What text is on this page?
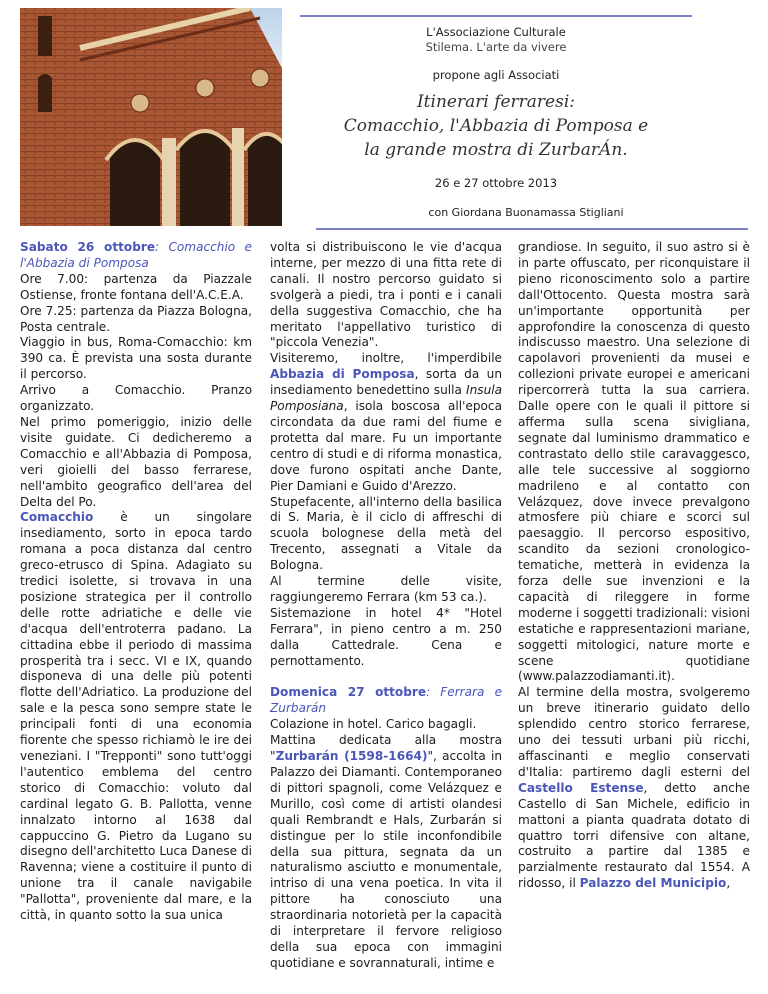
L'Associazione Culturale
Stilema. L'arte da vivere
propone agli Associati
Itinerari ferraresi:
Comacchio, l'Abbazia di Pomposa e
la grande mostra di ZurbarÁn.
26 e 27 ottobre 2013
con Giordana Buonamassa Stigliani

Sabato 26 ottobre: Comacchio e l'Abbazia di Pomposa

Ore 7.00: partenza da Piazzale Ostiense, fronte fontana dell'A.C.E.A.

Ore 7.25: partenza da Piazza Bologna, Posta centrale.

Viaggio in bus, Roma-Comacchio: km 390 ca. È prevista una sosta durante il percorso.

Arrivo a Comacchio. Pranzo organizzato.

Nel primo pomeriggio, inizio delle visite guidate. Ci dedicheremo a Comacchio e all'Abbazia di Pomposa, veri gioielli del basso ferrarese, nell'ambito geografico dell'area del Delta del Po.

Comacchio è un singolare insediamento, sorto in epoca tardo romana a poca distanza dal centro greco-etrusco di Spina. Adagiato su tredici isolette, si trovava in una posizione strategica per il controllo delle rotte adriatiche e delle vie d'acqua dell'entroterra padano. La cittadina ebbe il periodo di massima prosperità tra i secc. VI e IX, quando disponeva di una delle più potenti flotte dell'Adriatico. La produzione del sale e la pesca sono sempre state le principali fonti di una economia fiorente che spesso richiamò le ire dei veneziani. I "Trepponti" sono tutt'oggi l'autentico emblema del centro storico di Comacchio: voluto dal cardinal legato G. B. Pallotta, venne innalzato intorno al 1638 dal cappuccino G. Pietro da Lugano su disegno dell'architetto Luca Danese di Ravenna; viene a costituire il punto di unione tra il canale navigabile "Pallotta", proveniente dal mare, e la città, in quanto sotto la sua unica

volta si distribuiscono le vie d'acqua interne, per mezzo di una fitta rete di canali. Il nostro percorso guidato si svolgerà a piedi, tra i ponti e i canali della suggestiva Comacchio, che ha meritato l'appellativo turistico di "piccola Venezia".

Visiteremo, inoltre, l'imperdibile Abbazia di Pomposa, sorta da un insediamento benedettino sulla Insula Pomposiana, isola boscosa all'epoca circondata da due rami del fiume e protetta dal mare. Fu un importante centro di studi e di riforma monastica, dove furono ospitati anche Dante, Pier Damiani e Guido d'Arezzo.

Stupefacente, all'interno della basilica di S. Maria, è il ciclo di affreschi di scuola bolognese della metà del Trecento, assegnati a Vitale da Bologna.

Al termine delle visite, raggiungeremo Ferrara (km 53 ca.).

Sistemazione in hotel 4* "Hotel Ferrara", in pieno centro a m. 250 dalla Cattedrale. Cena e pernottamento.

Domenica 27 ottobre: Ferrara e Zurbarán

Colazione in hotel. Carico bagagli.

Mattina dedicata alla mostra "Zurbarán (1598-1664)", accolta in Palazzo dei Diamanti. Contemporaneo di pittori spagnoli, come Velázquez e Murillo, così come di artisti olandesi quali Rembrandt e Hals, Zurbarán si distingue per lo stile inconfondibile della sua pittura, segnata da un naturalismo asciutto e monumentale, intriso di una vena poetica. In vita il pittore ha conosciuto una straordinaria notorietà per la capacità di interpretare il fervore religioso della sua epoca con immagini quotidiane e sovrannaturali, intime e

grandiose. In seguito, il suo astro si è in parte offuscato, per riconquistare il pieno riconoscimento solo a partire dall'Ottocento. Questa mostra sarà un'importante opportunità per approfondire la conoscenza di questo indiscusso maestro. Una selezione di capolavori provenienti da musei e collezioni private europei e americani ripercorrerà tutta la sua carriera. Dalle opere con le quali il pittore si afferma sulla scena sivigliana, segnate dal luminismo drammatico e contrastato dello stile caravaggesco, alle tele successive al soggiorno madrileno e al contatto con Velázquez, dove invece prevalgono atmosfere più chiare e scorci sul paesaggio. Il percorso espositivo, scandito da sezioni cronologico-tematiche, metterà in evidenza la forza delle sue invenzioni e la capacità di rileggere in forme moderne i soggetti tradizionali: visioni estatiche e rappresentazioni mariane, soggetti mitologici, nature morte e scene quotidiane (www.palazzodiamanti.it).

Al termine della mostra, svolgeremo un breve itinerario guidato dello splendido centro storico ferrarese, uno dei tessuti urbani più ricchi, affascinanti e meglio conservati d'Italia: partiremo dagli esterni del Castello Estense, detto anche Castello di San Michele, edificio in mattoni a pianta quadrata dotato di quattro torri difensive con altane, costruito a partire dal 1385 e parzialmente restaurato dal 1554. A ridosso, il Palazzo del Municipio,
